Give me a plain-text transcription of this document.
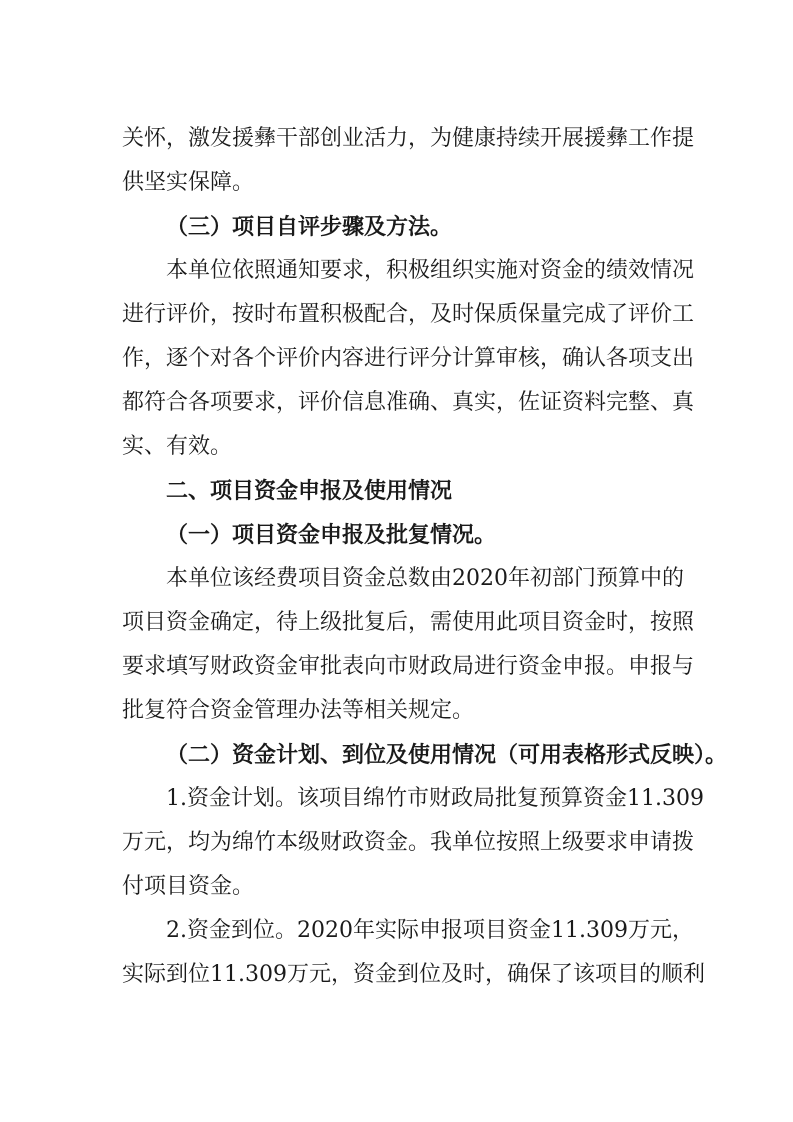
关怀，激发援彝干部创业活力，为健康持续开展援彝工作提
供坚实保障。
（三）项目自评步骤及方法。
本单位依照通知要求，积极组织实施对资金的绩效情况
进行评价，按时布置积极配合，及时保质保量完成了评价工
作，逐个对各个评价内容进行评分计算审核，确认各项支出
都符合各项要求，评价信息准确、真实，佐证资料完整、真
实、有效。
二、项目资金申报及使用情况
（一）项目资金申报及批复情况。
本单位该经费项目资金总数由2020年初部门预算中的
项目资金确定，待上级批复后，需使用此项目资金时，按照
要求填写财政资金审批表向市财政局进行资金申报。申报与
批复符合资金管理办法等相关规定。
（二）资金计划、到位及使用情况（可用表格形式反映）。
1.资金计划。该项目绵竹市财政局批复预算资金11.309
万元，均为绵竹本级财政资金。我单位按照上级要求申请拨
付项目资金。
2.资金到位。2020年实际申报项目资金11.309万元，
实际到位11.309万元，资金到位及时，确保了该项目的顺利
